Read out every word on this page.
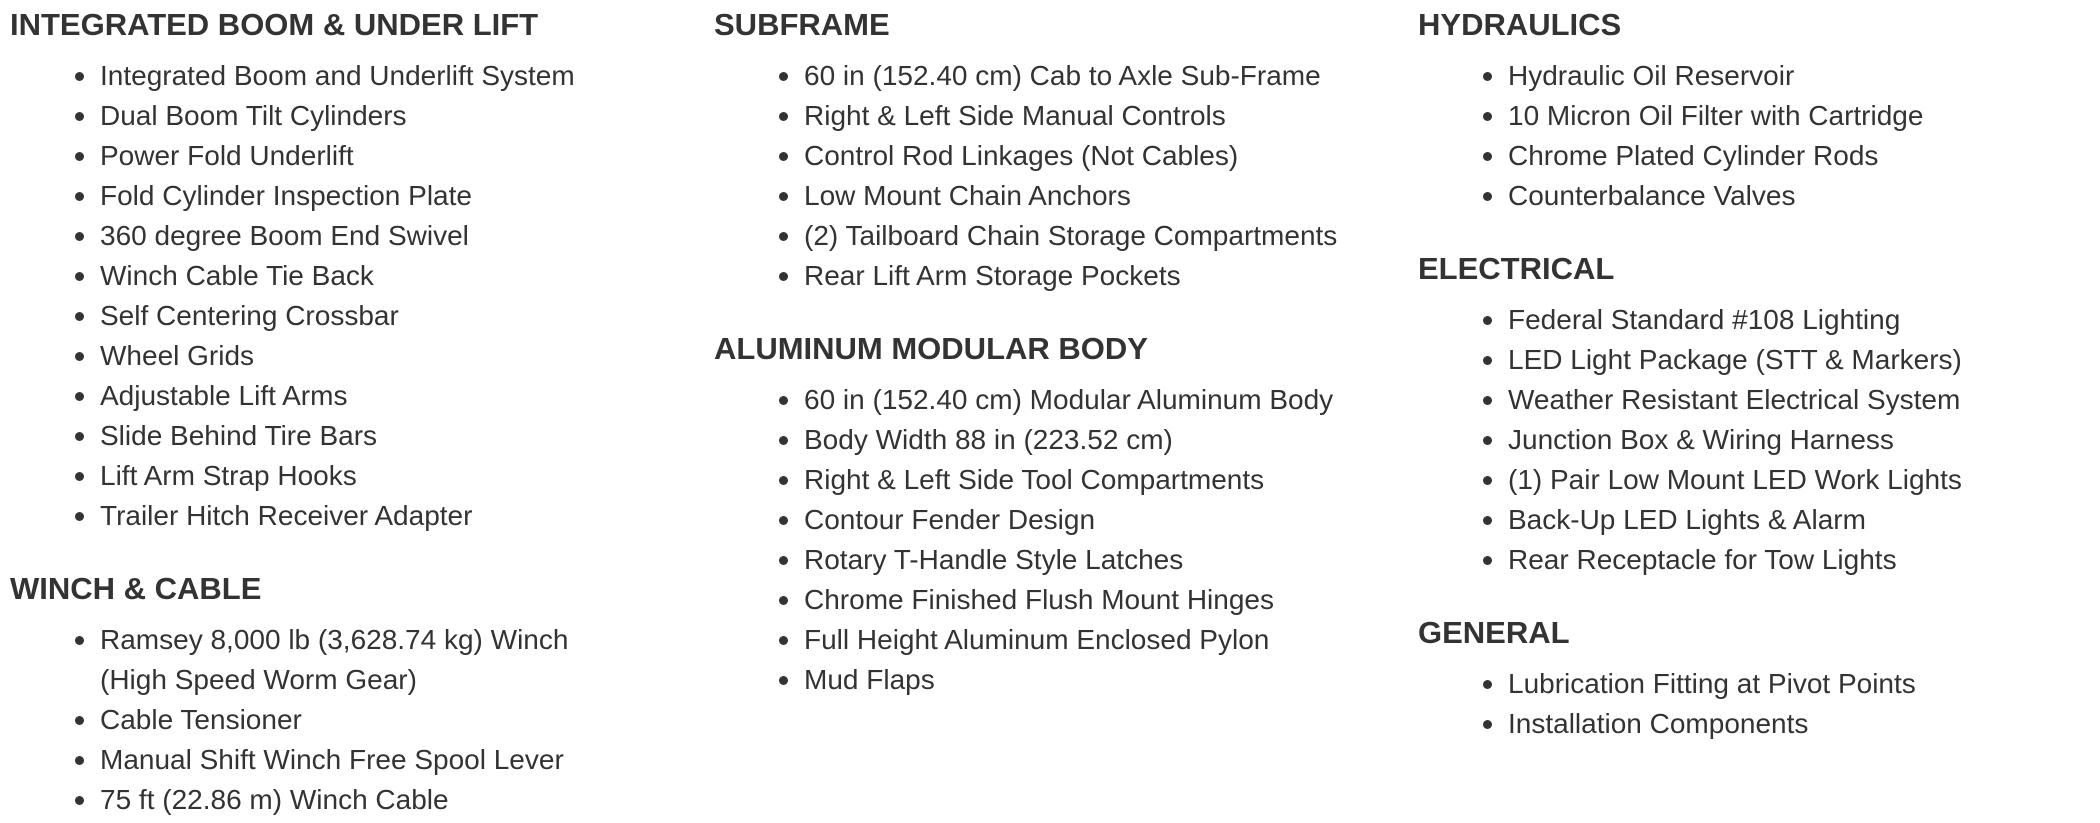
INTEGRATED BOOM & UNDER LIFT
Integrated Boom and Underlift System
Dual Boom Tilt Cylinders
Power Fold Underlift
Fold Cylinder Inspection Plate
360 degree Boom End Swivel
Winch Cable Tie Back
Self Centering Crossbar
Wheel Grids
Adjustable Lift Arms
Slide Behind Tire Bars
Lift Arm Strap Hooks
Trailer Hitch Receiver Adapter
WINCH & CABLE
Ramsey 8,000 lb (3,628.74 kg) Winch
(High Speed Worm Gear)
Cable Tensioner
Manual Shift Winch Free Spool Lever
75 ft (22.86 m) Winch Cable
SUBFRAME
60 in (152.40 cm) Cab to Axle Sub-Frame
Right & Left Side Manual Controls
Control Rod Linkages (Not Cables)
Low Mount Chain Anchors
(2) Tailboard Chain Storage Compartments
Rear Lift Arm Storage Pockets
ALUMINUM MODULAR BODY
60 in (152.40 cm) Modular Aluminum Body
Body Width 88 in (223.52 cm)
Right & Left Side Tool Compartments
Contour Fender Design
Rotary T-Handle Style Latches
Chrome Finished Flush Mount Hinges
Full Height Aluminum Enclosed Pylon
Mud Flaps
HYDRAULICS
Hydraulic Oil Reservoir
10 Micron Oil Filter with Cartridge
Chrome Plated Cylinder Rods
Counterbalance Valves
ELECTRICAL
Federal Standard #108 Lighting
LED Light Package (STT & Markers)
Weather Resistant Electrical System
Junction Box & Wiring Harness
(1) Pair Low Mount LED Work Lights
Back-Up LED Lights & Alarm
Rear Receptacle for Tow Lights
GENERAL
Lubrication Fitting at Pivot Points
Installation Components
